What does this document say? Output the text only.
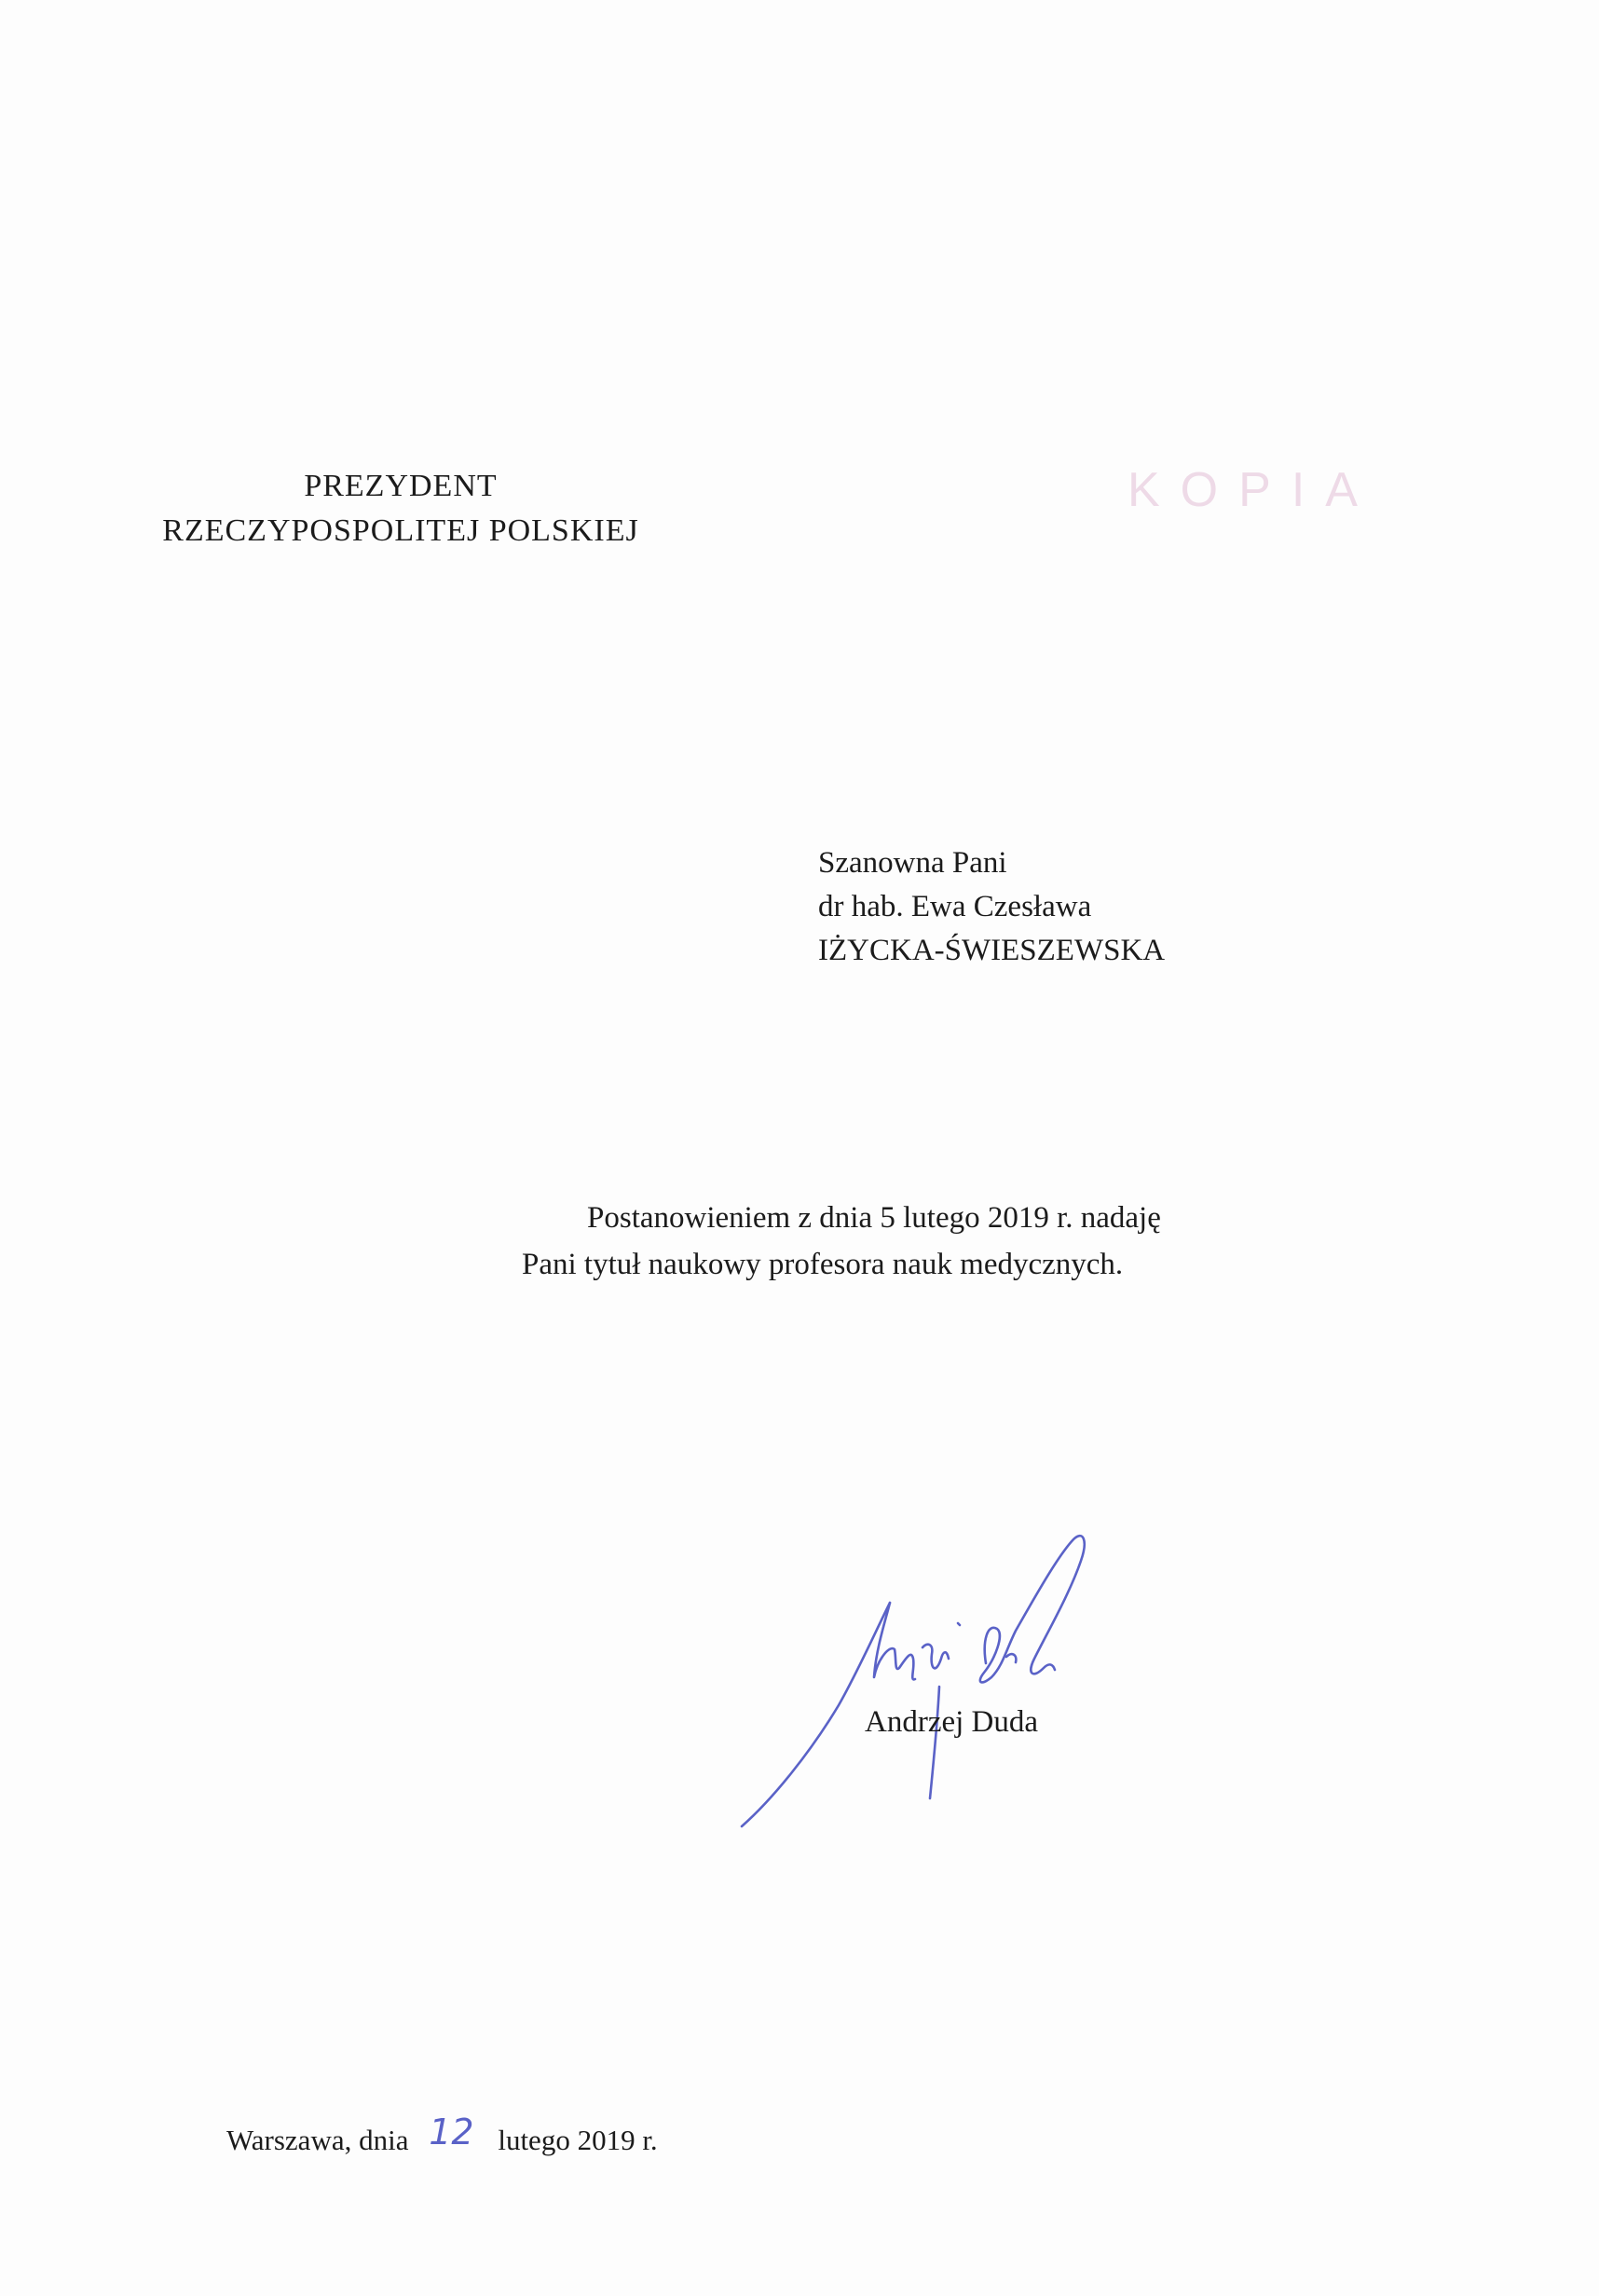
PREZYDENT
RZECZYPOSPOLITEJ POLSKIEJ
KOPIA
Szanowna Pani
dr hab. Ewa Czesława
IŻYCKA-ŚWIESZEWSKA
Postanowieniem z dnia 5 lutego 2019 r. nadaję
Pani tytuł naukowy profesora nauk medycznych.
Andrzej Duda
Warszawa, dnia 12 lutego 2019 r.
